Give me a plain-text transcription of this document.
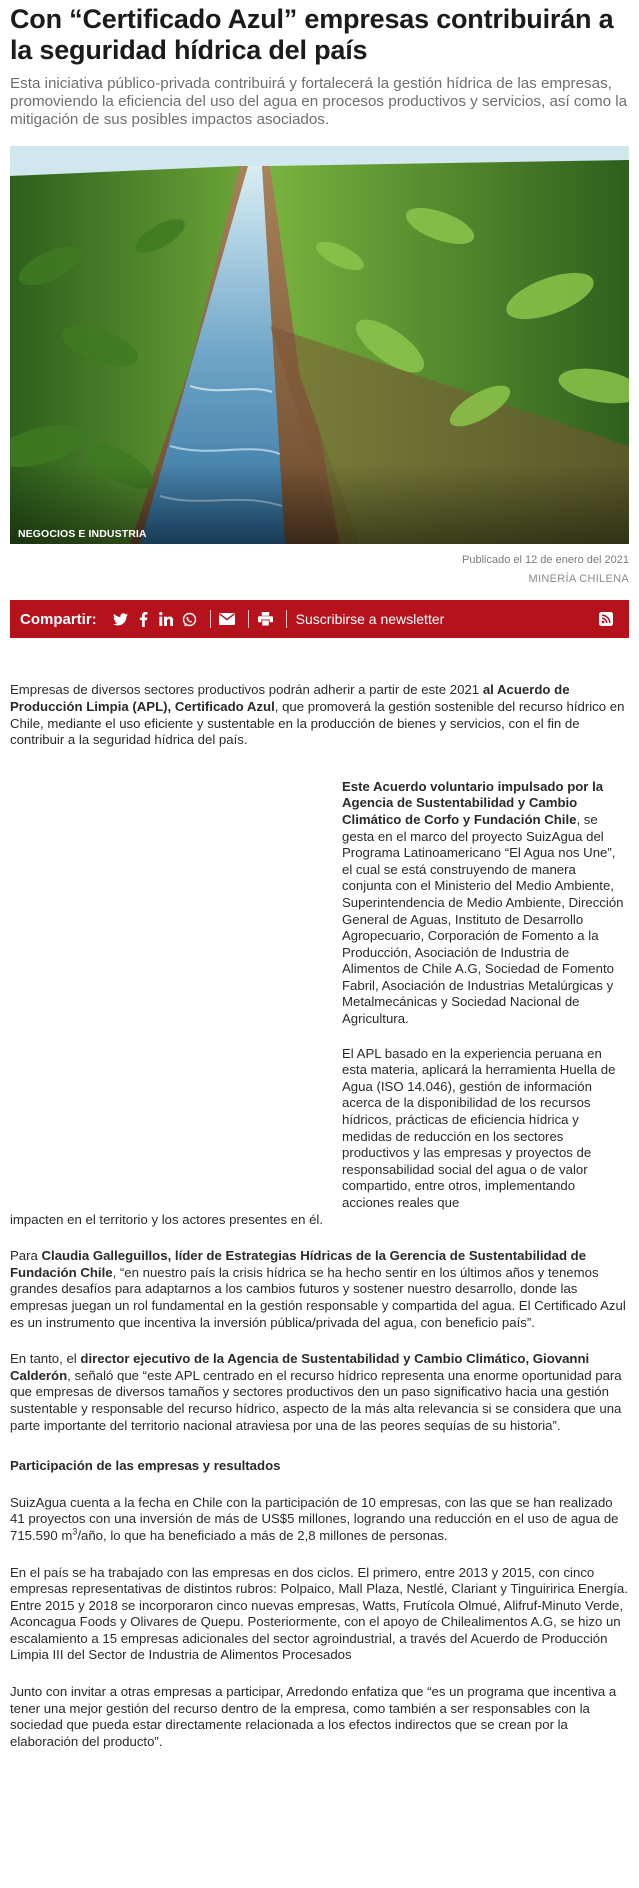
Con “Certificado Azul” empresas contribuirán a la seguridad hídrica del país

Esta iniciativa público-privada contribuirá y fortalecerá la gestión hídrica de las empresas, promoviendo la eficiencia del uso del agua en procesos productivos y servicios, así como la mitigación de sus posibles impactos asociados.

NEGOCIOS E INDUSTRIA
Publicado el 12 de enero del 2021
MINERÍA CHILENA
Compartir:	Suscribirse a newsletter

Empresas de diversos sectores productivos podrán adherir a partir de este 2021 al Acuerdo de Producción Limpia (APL), Certificado Azul, que promoverá la gestión sostenible del recurso hídrico en Chile, mediante el uso eficiente y sustentable en la producción de bienes y servicios, con el fin de contribuir a la seguridad hídrica del país.

Este Acuerdo voluntario impulsado por la Agencia de Sustentabilidad y Cambio Climático de Corfo y Fundación Chile, se gesta en el marco del proyecto SuizAgua del Programa Latinoamericano “El Agua nos Une”, el cual se está construyendo de manera conjunta con el Ministerio del Medio Ambiente, Superintendencia de Medio Ambiente, Dirección General de Aguas, Instituto de Desarrollo Agropecuario, Corporación de Fomento a la Producción, Asociación de Industria de Alimentos de Chile A.G, Sociedad de Fomento Fabril, Asociación de Industrias Metalúrgicas y Metalmecánicas y Sociedad Nacional de Agricultura.

El APL basado en la experiencia peruana en esta materia, aplicará la herramienta Huella de Agua (ISO 14.046), gestión de información acerca de la disponibilidad de los recursos hídricos, prácticas de eficiencia hídrica y medidas de reducción en los sectores productivos y las empresas y proyectos de responsabilidad social del agua o de valor compartido, entre otros, implementando acciones reales que

impacten en el territorio y los actores presentes en él.

Para Claudia Galleguillos, líder de Estrategias Hídricas de la Gerencia de Sustentabilidad de Fundación Chile, “en nuestro país la crisis hídrica se ha hecho sentir en los últimos años y tenemos grandes desafíos para adaptarnos a los cambios futuros y sostener nuestro desarrollo, donde las empresas juegan un rol fundamental en la gestión responsable y compartida del agua. El Certificado Azul es un instrumento que incentiva la inversión pública/privada del agua, con beneficio país”.

En tanto, el director ejecutivo de la Agencia de Sustentabilidad y Cambio Climático, Giovanni Calderón, señaló que “este APL centrado en el recurso hídrico representa una enorme oportunidad para que empresas de diversos tamaños y sectores productivos den un paso significativo hacia una gestión sustentable y responsable del recurso hídrico, aspecto de la más alta relevancia si se considera que una parte importante del territorio nacional atraviesa por una de las peores sequías de su historia”.

Participación de las empresas y resultados

SuizAgua cuenta a la fecha en Chile con la participación de 10 empresas, con las que se han realizado 41 proyectos con una inversión de más de US$5 millones, logrando una reducción en el uso de agua de 715.590 $m^3$/año, lo que ha beneficiado a más de 2,8 millones de personas.

En el país se ha trabajado con las empresas en dos ciclos. El primero, entre 2013 y 2015, con cinco empresas representativas de distintos rubros: Polpaico, Mall Plaza, Nestlé, Clariant y Tinguiririca Energía. Entre 2015 y 2018 se incorporaron cinco nuevas empresas, Watts, Frutícola Olmué, Alifruf-Minuto Verde, Aconcagua Foods y Olivares de Quepu. Posteriormente, con el apoyo de Chilealimentos A.G, se hizo un escalamiento a 15 empresas adicionales del sector agroindustrial, a través del Acuerdo de Producción Limpia III del Sector de Industria de Alimentos Procesados

Junto con invitar a otras empresas a participar, Arredondo enfatiza que “es un programa que incentiva a tener una mejor gestión del recurso dentro de la empresa, como también a ser responsables con la sociedad que pueda estar directamente relacionada a los efectos indirectos que se crean por la elaboración del producto”.
